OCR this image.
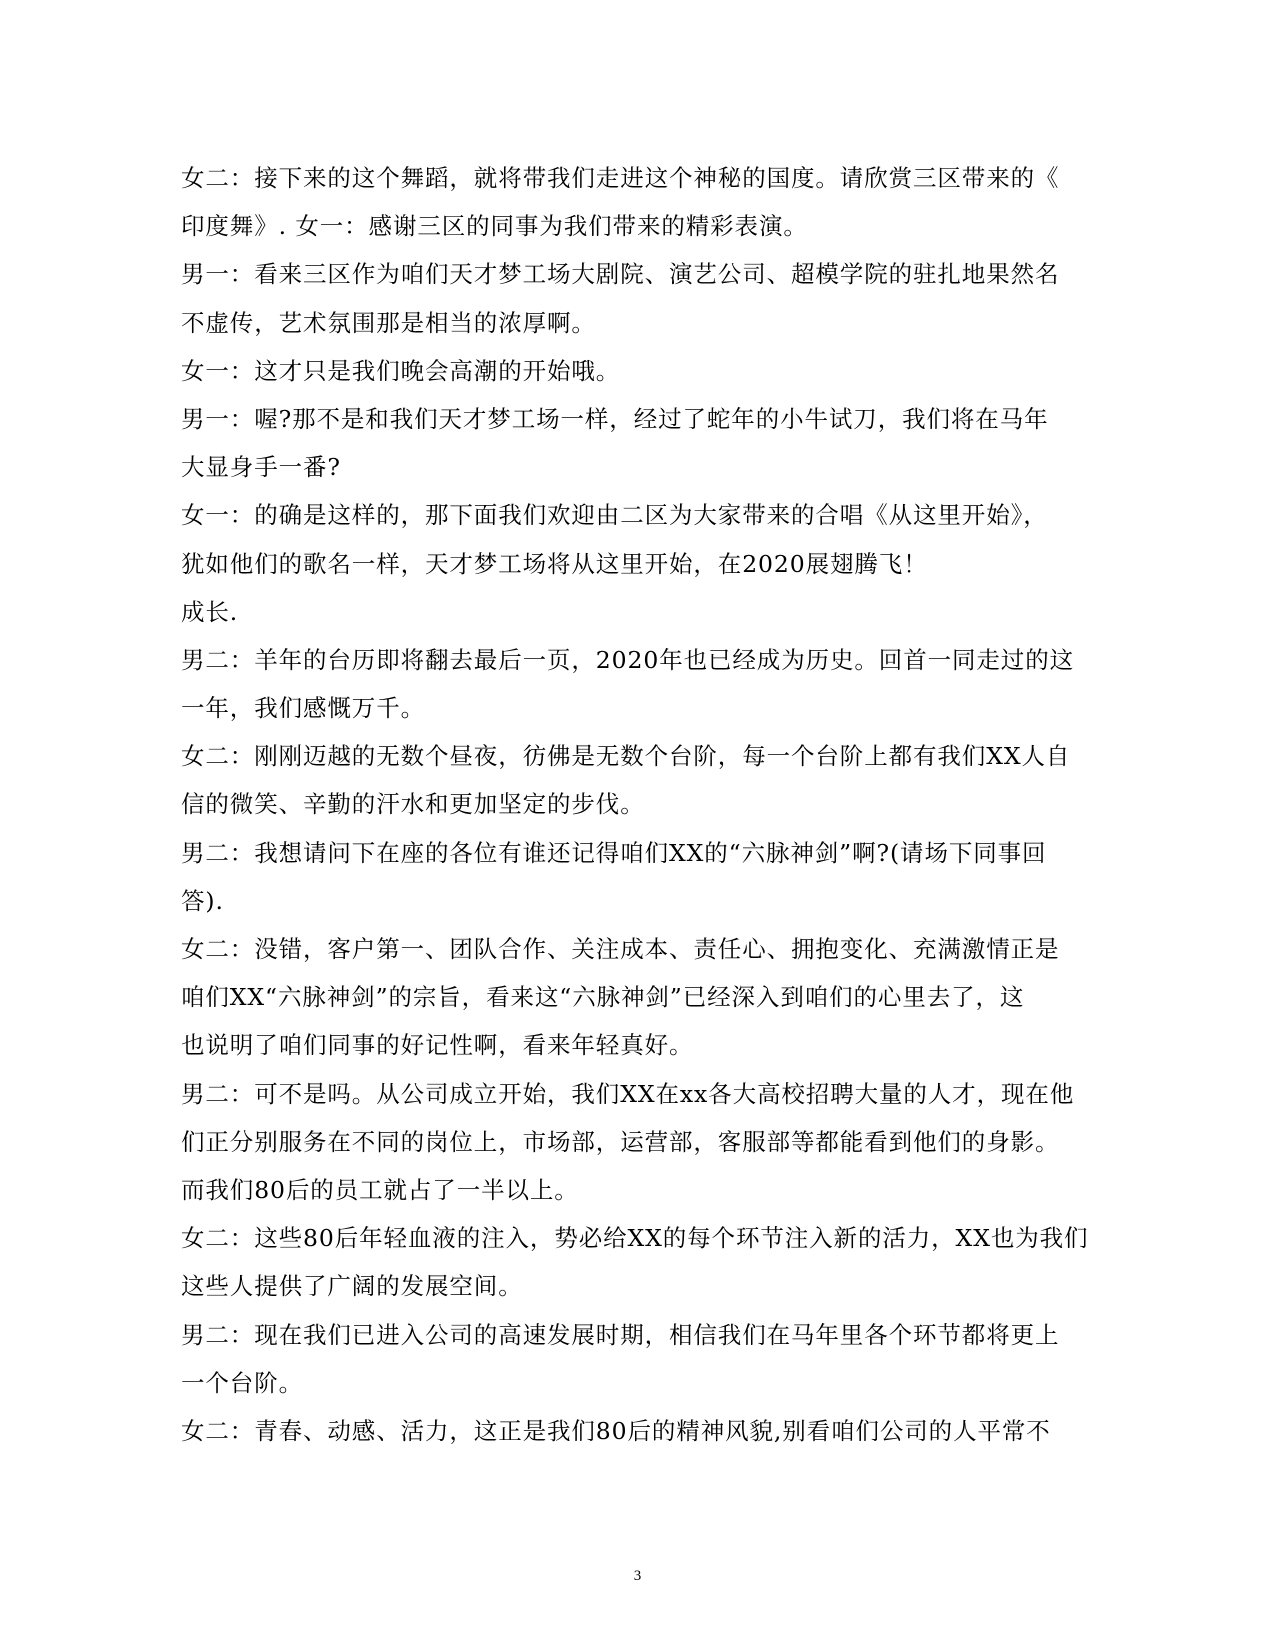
女二：接下来的这个舞蹈，就将带我们走进这个神秘的国度。请欣赏三区带来的《
印度舞》. 女一：感谢三区的同事为我们带来的精彩表演。
男一：看来三区作为咱们天才梦工场大剧院、演艺公司、超模学院的驻扎地果然名
不虚传，艺术氛围那是相当的浓厚啊。
女一：这才只是我们晚会高潮的开始哦。
男一：喔?那不是和我们天才梦工场一样，经过了蛇年的小牛试刀，我们将在马年
大显身手一番?
女一：的确是这样的，那下面我们欢迎由二区为大家带来的合唱《从这里开始》，
犹如他们的歌名一样，天才梦工场将从这里开始，在2020展翅腾飞！
成长.
男二：羊年的台历即将翻去最后一页，2020年也已经成为历史。回首一同走过的这
一年，我们感慨万千。
女二：刚刚迈越的无数个昼夜，彷佛是无数个台阶，每一个台阶上都有我们XX人自
信的微笑、辛勤的汗水和更加坚定的步伐。
男二：我想请问下在座的各位有谁还记得咱们XX的“六脉神剑”啊?(请场下同事回
答).
女二：没错，客户第一、团队合作、关注成本、责任心、拥抱变化、充满激情正是
咱们XX“六脉神剑”的宗旨，看来这“六脉神剑”已经深入到咱们的心里去了，这
也说明了咱们同事的好记性啊，看来年轻真好。
男二：可不是吗。从公司成立开始，我们XX在xx各大高校招聘大量的人才，现在他
们正分别服务在不同的岗位上，市场部，运营部，客服部等都能看到他们的身影。
而我们80后的员工就占了一半以上。
女二：这些80后年轻血液的注入，势必给XX的每个环节注入新的活力，XX也为我们
这些人提供了广阔的发展空间。
男二：现在我们已进入公司的高速发展时期，相信我们在马年里各个环节都将更上
一个台阶。
女二：青春、动感、活力，这正是我们80后的精神风貌,别看咱们公司的人平常不
3
